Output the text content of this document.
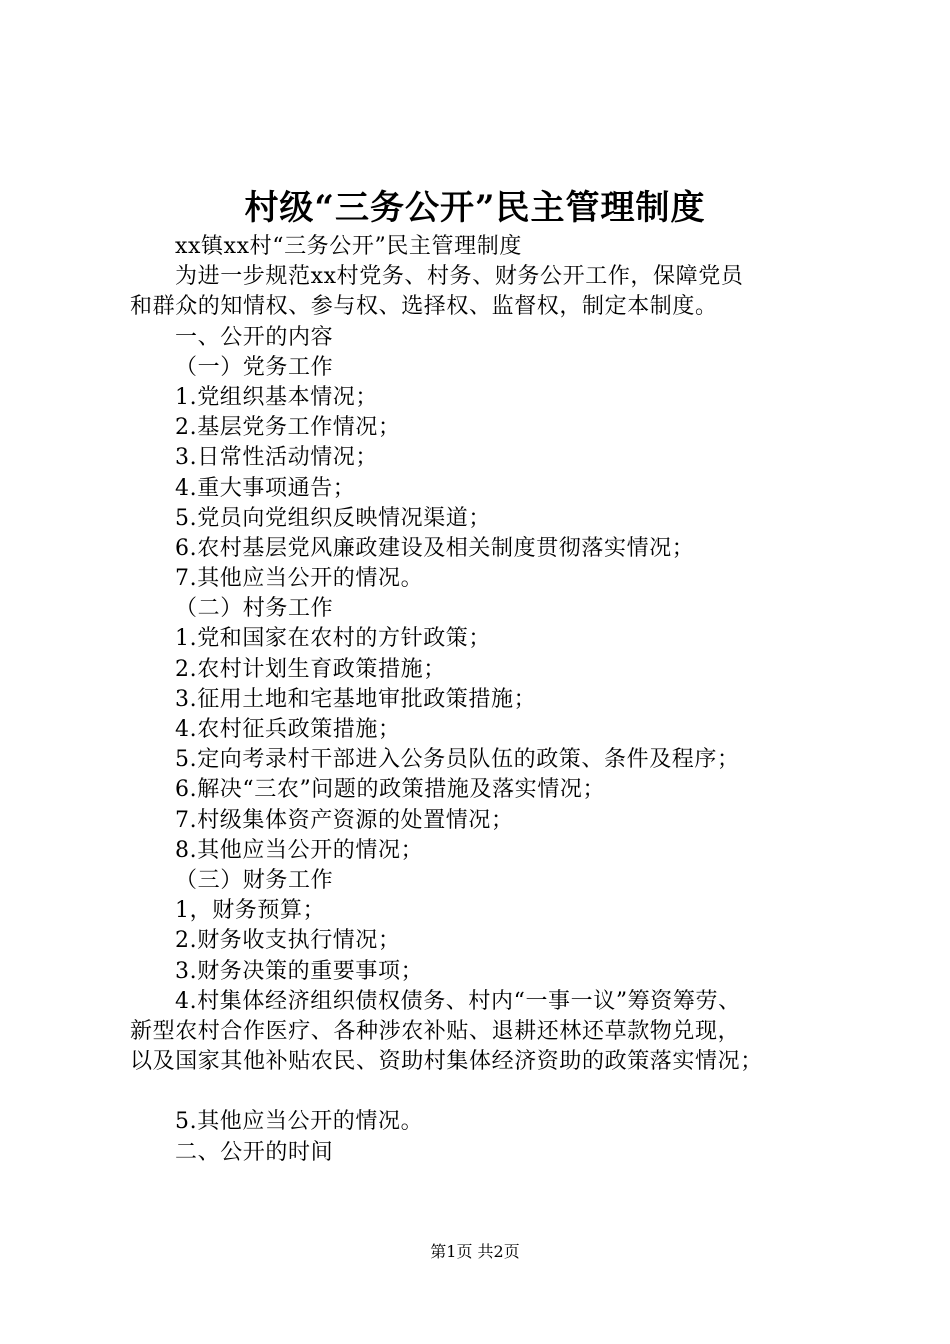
村级“三务公开”民主管理制度
xx镇xx村“三务公开”民主管理制度
为进一步规范xx村党务、村务、财务公开工作，保障党员
和群众的知情权、参与权、选择权、监督权，制定本制度。
一、公开的内容
（一）党务工作
1.党组织基本情况；
2.基层党务工作情况；
3.日常性活动情况；
4.重大事项通告；
5.党员向党组织反映情况渠道；
6.农村基层党风廉政建设及相关制度贯彻落实情况；
7.其他应当公开的情况。
（二）村务工作
1.党和国家在农村的方针政策；
2.农村计划生育政策措施；
3.征用土地和宅基地审批政策措施；
4.农村征兵政策措施；
5.定向考录村干部进入公务员队伍的政策、条件及程序；
6.解决“三农”问题的政策措施及落实情况；
7.村级集体资产资源的处置情况；
8.其他应当公开的情况；
（三）财务工作
1，财务预算；
2.财务收支执行情况；
3.财务决策的重要事项；
4.村集体经济组织债权债务、村内“一事一议”筹资筹劳、
新型农村合作医疗、各种涉农补贴、退耕还林还草款物兑现，
以及国家其他补贴农民、资助村集体经济资助的政策落实情况；
5.其他应当公开的情况。
二、公开的时间
第1页 共2页
